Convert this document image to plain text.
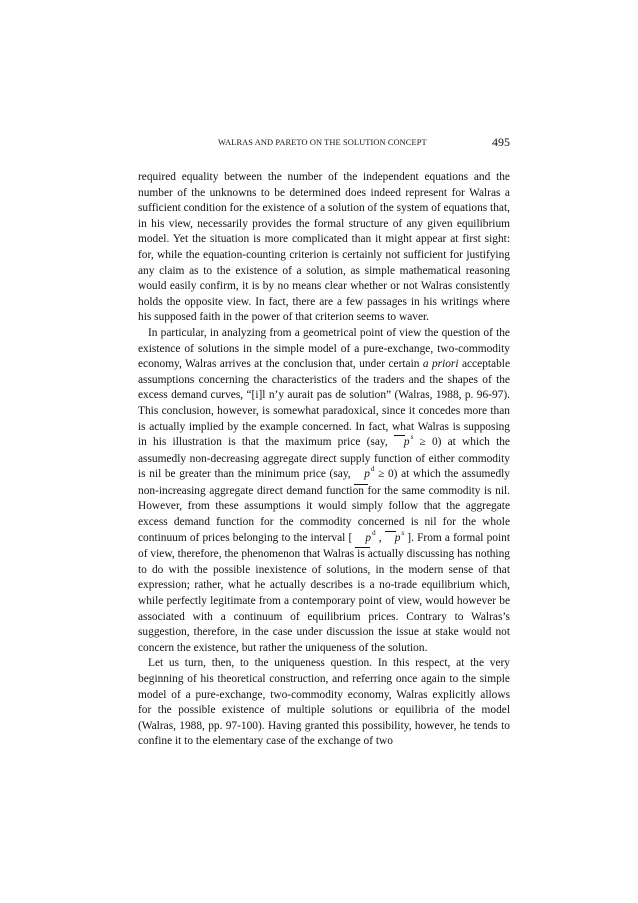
WALRAS AND PARETO ON THE SOLUTION CONCEPT	495

required equality between the number of the independent equations and the number of the unknowns to be determined does indeed represent for Walras a sufficient condition for the existence of a solution of the system of equations that, in his view, necessarily provides the formal structure of any given equilibrium model. Yet the situation is more complicated than it might appear at first sight: for, while the equation-counting criterion is certainly not sufficient for justifying any claim as to the existence of a solution, as simple mathematical reasoning would easily confirm, it is by no means clear whether or not Walras consistently holds the opposite view. In fact, there are a few passages in his writings where his supposed faith in the power of that criterion seems to waver.

In particular, in analyzing from a geometrical point of view the question of the existence of solutions in the simple model of a pure-exchange, two-commodity economy, Walras arrives at the conclusion that, under certain a priori acceptable assumptions concerning the characteristics of the traders and the shapes of the excess demand curves, “[i]l n’y aurait pas de solution” (Walras, 1988, p. 96-97). This conclusion, however, is somewhat paradoxical, since it concedes more than is actually implied by the example concerned. In fact, what Walras is supposing in his illustration is that the maximum price (say, $p^s \ge 0$) at which the assumedly non-decreasing aggregate direct supply function of either commodity is nil be greater than the minimum price (say, $p^d \ge 0$) at which the assumedly non-increasing aggregate direct demand function for the same commodity is nil. However, from these assumptions it would simply follow that the aggregate excess demand function for the commodity concerned is nil for the whole continuum of prices belonging to the interval [ $p^d$ , $p^s$ ]. From a formal point of view, therefore, the phenomenon that Walras is actually discussing has nothing to do with the possible inexistence of solutions, in the modern sense of that expression; rather, what he actually describes is a no-trade equilibrium which, while perfectly legitimate from a contemporary point of view, would however be associated with a continuum of equilibrium prices. Contrary to Walras’s suggestion, therefore, in the case under discussion the issue at stake would not concern the existence, but rather the uniqueness of the solution.

Let us turn, then, to the uniqueness question. In this respect, at the very beginning of his theoretical construction, and referring once again to the simple model of a pure-exchange, two-commodity economy, Walras explicitly allows for the possible existence of multiple solutions or equilibria of the model (Walras, 1988, pp. 97-100). Having granted this possibility, however, he tends to confine it to the elementary case of the exchange of two
